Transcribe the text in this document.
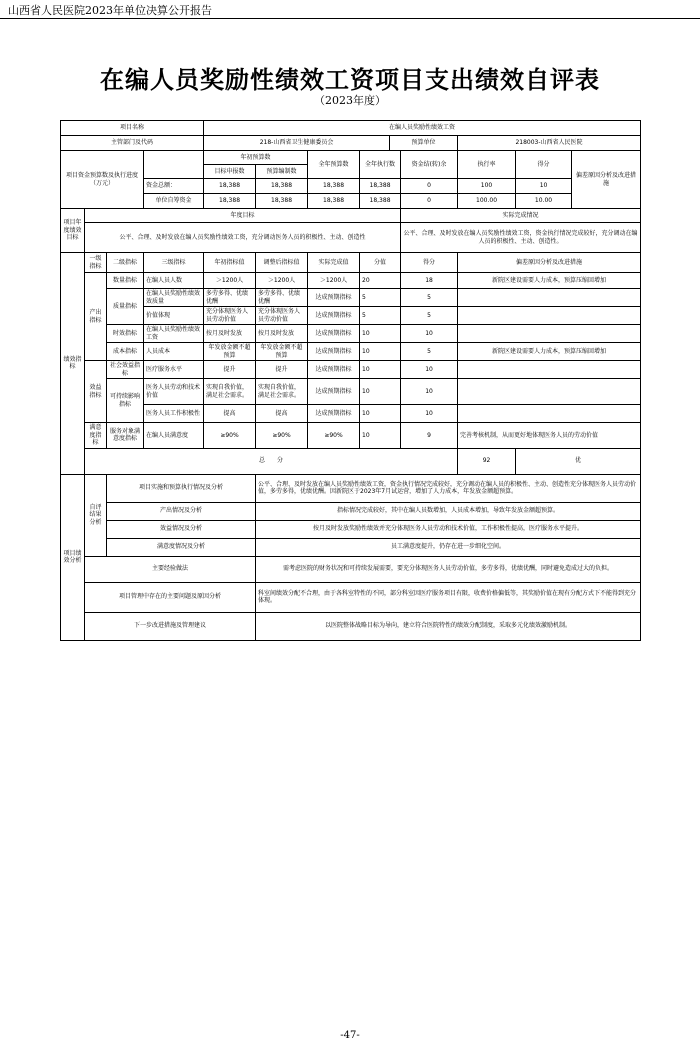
山西省人民医院2023年单位决算公开报告
在编人员奖励性绩效工资项目支出绩效自评表
（2023年度）
项目名称				在编人员奖励性绩效工资								
主管部门及代码				218-山西省卫生健康委员会				预算单位		218003-山西省人民医院		
项目资金预算数及执行进度（万元）				年初预算数		全年预算数	全年执行数		资金结(转)余	执行率	得分	偏差原因分析及改进措施
				目标申报数	预算编制数							
			资金总额：	18,388	18,388	18,388	18,388		0	100	10	
			单位自筹资金	18,388	18,388	18,388	18,388		0	100.00	10.00	
项目年度绩效目标	年度目标								实际完成情况			
	公平、合理、及时发放在编人员奖励性绩效工资，充分调动医务人员的积极性、主动、创造性								公平、合理、及时发放在编人员奖励性绩效工资，资金执行情况完成较好，充分调动在编人员的积极性、主动、创造性。			
绩效指标	一级指标	二级指标	三级指标	年初指标值	调整后指标值	实际完成值	分值		得分	偏差原因分析及改进措施		
	产出指标	数量指标	在编人员人数	＞1200人	＞1200人	＞1200人	20		18	新院区建设需要人力成本，预算压缩回增加		
		质量指标	在编人员奖励性绩效效质量	多劳多得、优绩优酬	多劳多得、优绩优酬	达成预期指标	5		5			
			价值体现	充分体现医务人员劳动价值	充分体现医务人员劳动价值	达成预期指标	5		5			
		时效指标	在编人员奖励性绩效工资	按月及时发放	按月及时发放	达成预期指标	10		10			
		成本指标	人员成本	年发放金额不超预算	年发放金额不超预算	达成预期指标	10		5	新院区建设需要人力成本，预算压缩回增加		
	效益指标	社会效益指标	医疗服务水平	提升	提升	达成预期指标	10		10			
		可持续影响指标	医务人员劳动和技术价值	实现自我价值，满足社会需求。	实现自我价值，满足社会需求。	达成预期指标	10		10			
			医务人员工作积极性	提高	提高	达成预期指标	10		10			
	满意度指标	服务对象满意度指标	在编人员满意度	≥90%	≥90%	≥90%	10		9	完善考核机制，从而更好地体现医务人员的劳动价值		
	总　　分									92	优	
项目绩效分析	自评结果分析	项目实施和预算执行情况及分析			公平、合理、及时发放在编人员奖励性绩效工资，资金执行情况完成较好，充分调动在编人员的积极性、主动、创造性充分体现医务人员劳动价值，多劳多得，优绩优酬。因新院区于2023年7月试运营，增加了人力成本，年发放金额超预算。							
		产出情况及分析			指标情况完成较好，其中在编人员数增加，人员成本增加，导致年发放金额超预算。							
		效益情况及分析			按月及时发放奖励性绩效并充分体现医务人员劳动和技术价值，工作积极性提高，医疗服务水平提升。							
		满意度情况及分析			员工满意度提升，仍存在进一步细化空间。							
	主要经验做法				需考虑医院的财务状况和可持续发展需要，要充分体现医务人员劳动价值，多劳多得，优绩优酬，同时避免造成过大的负担。							
	项目管理中存在的主要问题及原因分析				科室间绩效分配不合理，由于各科室特性的不同，部分科室因医疗服务项目有限，收费价格偏低等，其奖励价值在现有分配方式下不能得到充分体现。							
	下一步改进措施及管理建议				以医院整体战略目标为导向，建立符合医院特性的绩效分配制度，采取多元化绩效激励机制。							
-47-
